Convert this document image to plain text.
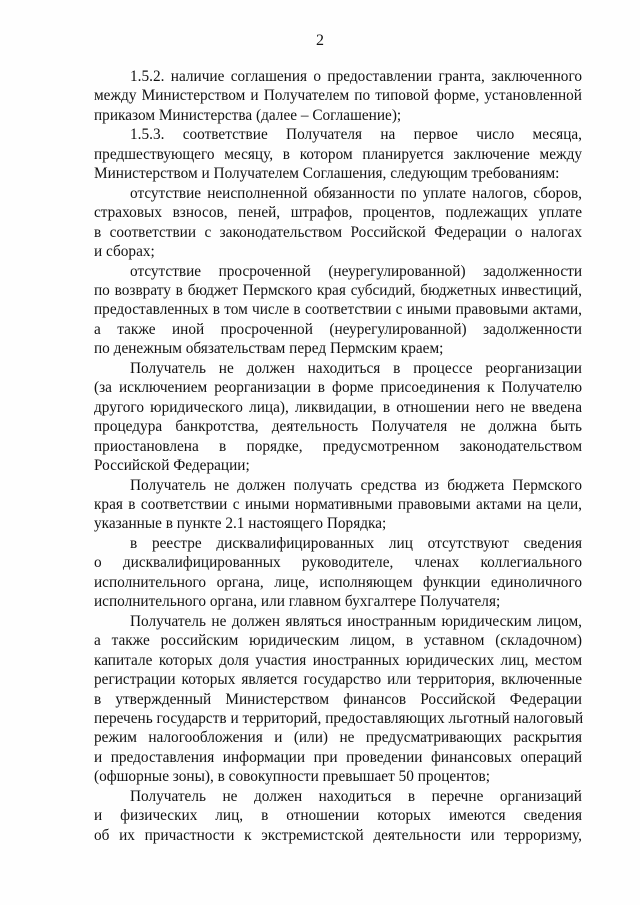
2
1.5.2. наличие соглашения о предоставлении гранта, заключенного
между Министерством и Получателем по типовой форме, установленной
приказом Министерства (далее – Соглашение);
1.5.3. соответствие Получателя на первое число месяца,
предшествующего месяцу, в котором планируется заключение между
Министерством и Получателем Соглашения, следующим требованиям:
отсутствие неисполненной обязанности по уплате налогов, сборов,
страховых взносов, пеней, штрафов, процентов, подлежащих уплате
в соответствии с законодательством Российской Федерации о налогах
и сборах;
отсутствие просроченной (неурегулированной) задолженности
по возврату в бюджет Пермского края субсидий, бюджетных инвестиций,
предоставленных в том числе в соответствии с иными правовыми актами,
а также иной просроченной (неурегулированной) задолженности
по денежным обязательствам перед Пермским краем;
Получатель не должен находиться в процессе реорганизации
(за исключением реорганизации в форме присоединения к Получателю
другого юридического лица), ликвидации, в отношении него не введена
процедура банкротства, деятельность Получателя не должна быть
приостановлена в порядке, предусмотренном законодательством
Российской Федерации;
Получатель не должен получать средства из бюджета Пермского
края в соответствии с иными нормативными правовыми актами на цели,
указанные в пункте 2.1 настоящего Порядка;
в реестре дисквалифицированных лиц отсутствуют сведения
о дисквалифицированных руководителе, членах коллегиального
исполнительного органа, лице, исполняющем функции единоличного
исполнительного органа, или главном бухгалтере Получателя;
Получатель не должен являться иностранным юридическим лицом,
а также российским юридическим лицом, в уставном (складочном)
капитале которых доля участия иностранных юридических лиц, местом
регистрации которых является государство или территория, включенные
в утвержденный Министерством финансов Российской Федерации
перечень государств и территорий, предоставляющих льготный налоговый
режим налогообложения и (или) не предусматривающих раскрытия
и предоставления информации при проведении финансовых операций
(офшорные зоны), в совокупности превышает 50 процентов;
Получатель не должен находиться в перечне организаций
и физических лиц, в отношении которых имеются сведения
об их причастности к экстремистской деятельности или терроризму,
